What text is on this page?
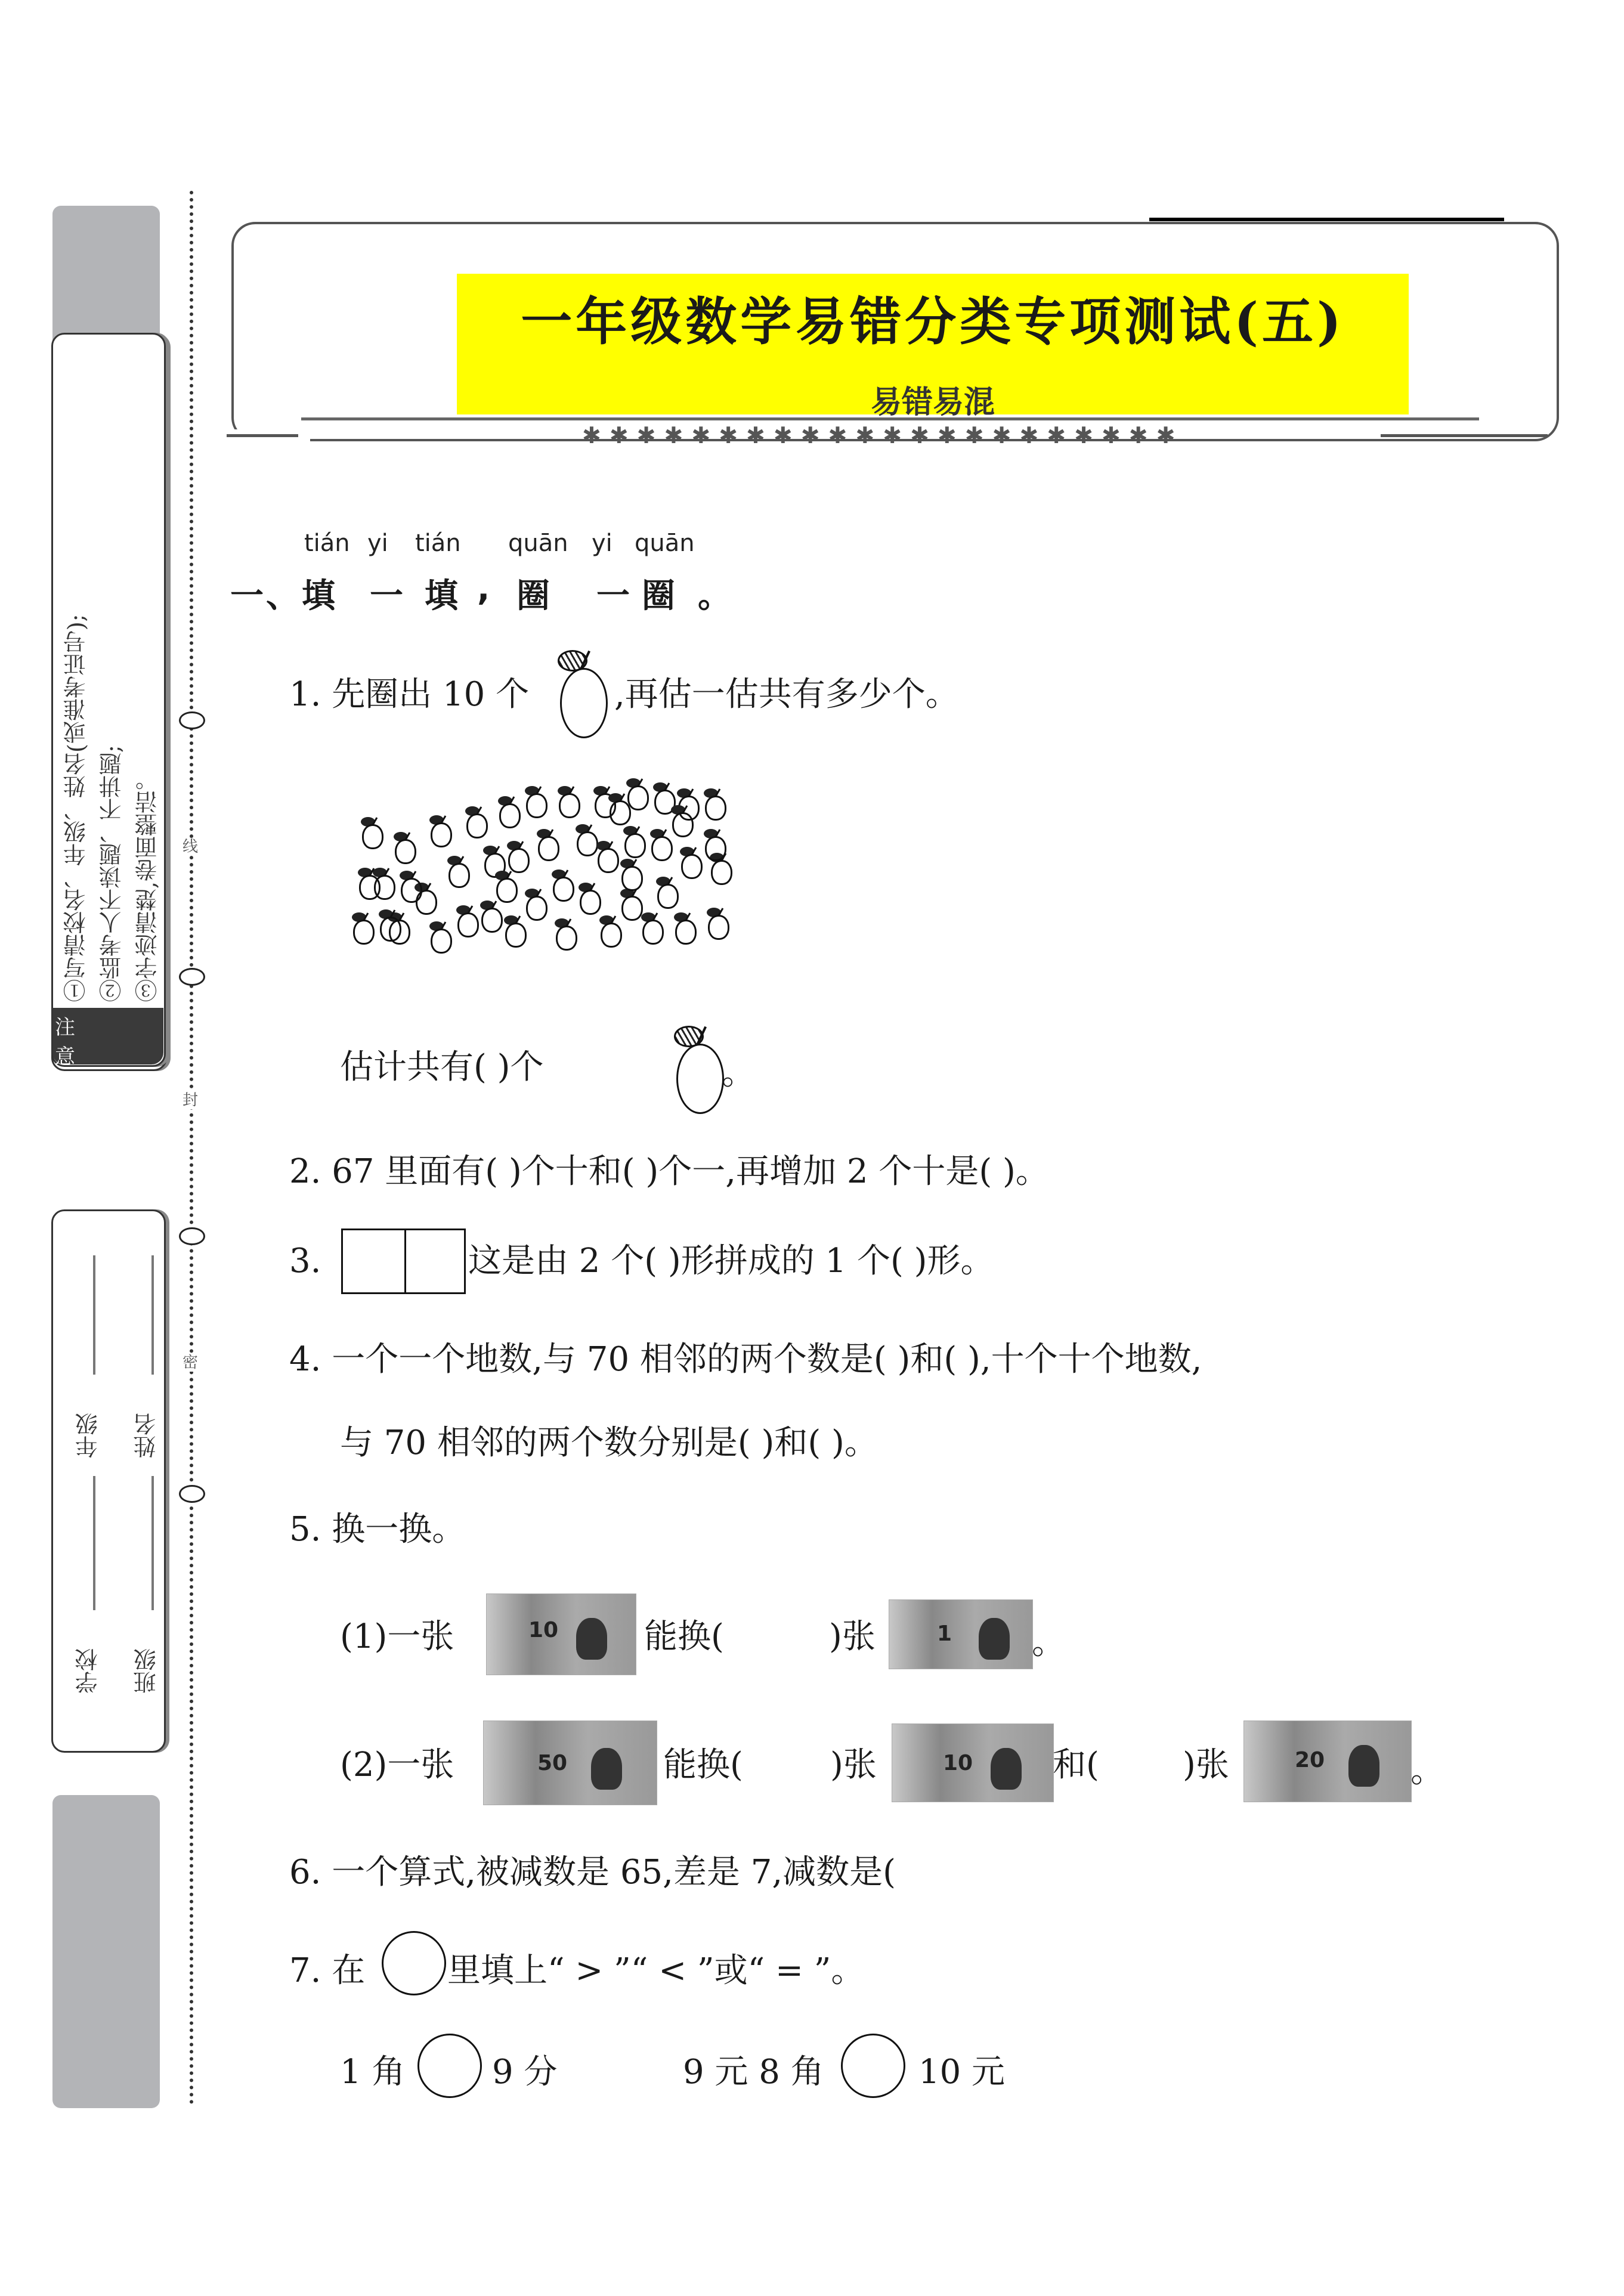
注意事项
①写清校名、年级、姓名(或准考证号); ②监考人不读题、不讲题; ③字迹清楚,卷面整洁。
学校
年级
班级
姓名
线
封
密
一年级数学易错分类专项测试(五)
易错易混
✱✱✱✱✱✱✱✱✱✱✱✱✱✱✱✱✱✱✱✱✱✱
tián yi tián quān yi quān
一、填 一 填 , 圈 一 圈 。
1. 先圈出 10 个	,再估一估共有多少个。
估计共有( )个	。
2. 67 里面有( )个十和( )个一,再增加 2 个十是( )。
3.	这是由 2 个( )形拼成的 1 个( )形。
4. 一个一个地数,与 70 相邻的两个数是( )和( ),十个十个地数,
与 70 相邻的两个数分别是( )和( )。
5. 换一换。
(1)一张	10	能换(	)张	1 。
(2)一张	50	能换(	)张	10 和(	)张	20	。
6. 一个算式,被减数是 65,差是 7,减数是(
7. 在 里填上“ > ”“ < ”或“ = ”。
1 角	9 分	9 元 8 角	10 元
